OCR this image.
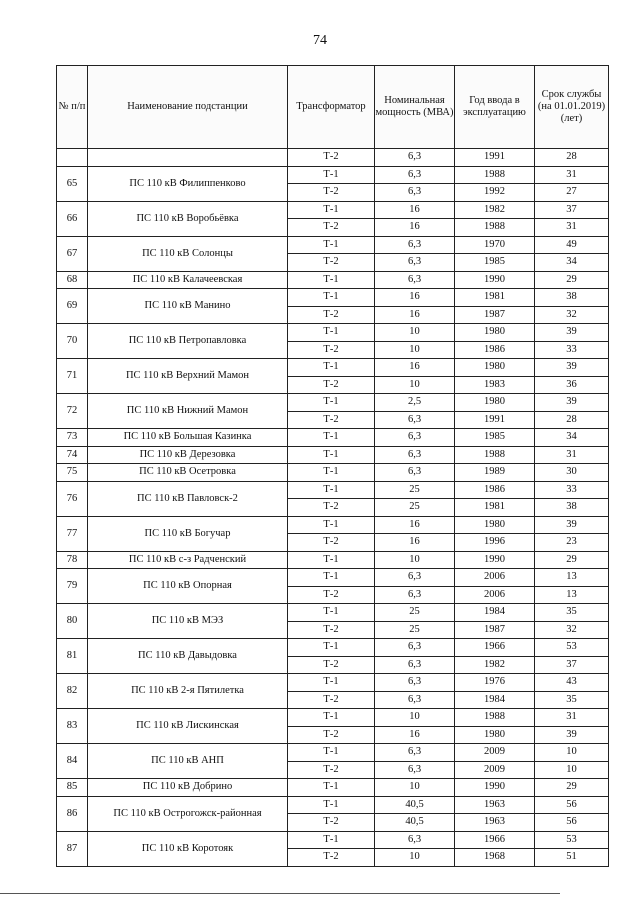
74
№ п/п	Наименование подстанции	Трансформатор	Номинальная мощность (МВА)	Год ввода в эксплуатацию	Срок службы (на 01.01.2019) (лет)
		Т-2	6,3	1991	28
65	ПС 110 кВ Филиппенково	Т-1	6,3	1988	31
		Т-2	6,3	1992	27
66	ПС 110 кВ Воробьёвка	Т-1	16	1982	37
		Т-2	16	1988	31
67	ПС 110 кВ Солонцы	Т-1	6,3	1970	49
		Т-2	6,3	1985	34
68	ПС 110 кВ Калачеевская	Т-1	6,3	1990	29
69	ПС 110 кВ Манино	Т-1	16	1981	38
		Т-2	16	1987	32
70	ПС 110 кВ Петропавловка	Т-1	10	1980	39
		Т-2	10	1986	33
71	ПС 110 кВ Верхний Мамон	Т-1	16	1980	39
		Т-2	10	1983	36
72	ПС 110 кВ Нижний Мамон	Т-1	2,5	1980	39
		Т-2	6,3	1991	28
73	ПС 110 кВ Большая Казинка	Т-1	6,3	1985	34
74	ПС 110 кВ Дерезовка	Т-1	6,3	1988	31
75	ПС 110 кВ Осетровка	Т-1	6,3	1989	30
76	ПС 110 кВ Павловск-2	Т-1	25	1986	33
		Т-2	25	1981	38
77	ПС 110 кВ Богучар	Т-1	16	1980	39
		Т-2	16	1996	23
78	ПС 110 кВ с-з Радченский	Т-1	10	1990	29
79	ПС 110 кВ Опорная	Т-1	6,3	2006	13
		Т-2	6,3	2006	13
80	ПС 110 кВ МЭЗ	Т-1	25	1984	35
		Т-2	25	1987	32
81	ПС 110 кВ Давыдовка	Т-1	6,3	1966	53
		Т-2	6,3	1982	37
82	ПС 110 кВ 2-я Пятилетка	Т-1	6,3	1976	43
		Т-2	6,3	1984	35
83	ПС 110 кВ Лискинская	Т-1	10	1988	31
		Т-2	16	1980	39
84	ПС 110 кВ АНП	Т-1	6,3	2009	10
		Т-2	6,3	2009	10
85	ПС 110 кВ Добрино	Т-1	10	1990	29
86	ПС 110 кВ Острогожск-районная	Т-1	40,5	1963	56
		Т-2	40,5	1963	56
87	ПС 110 кВ Коротояк	Т-1	6,3	1966	53
		Т-2	10	1968	51
